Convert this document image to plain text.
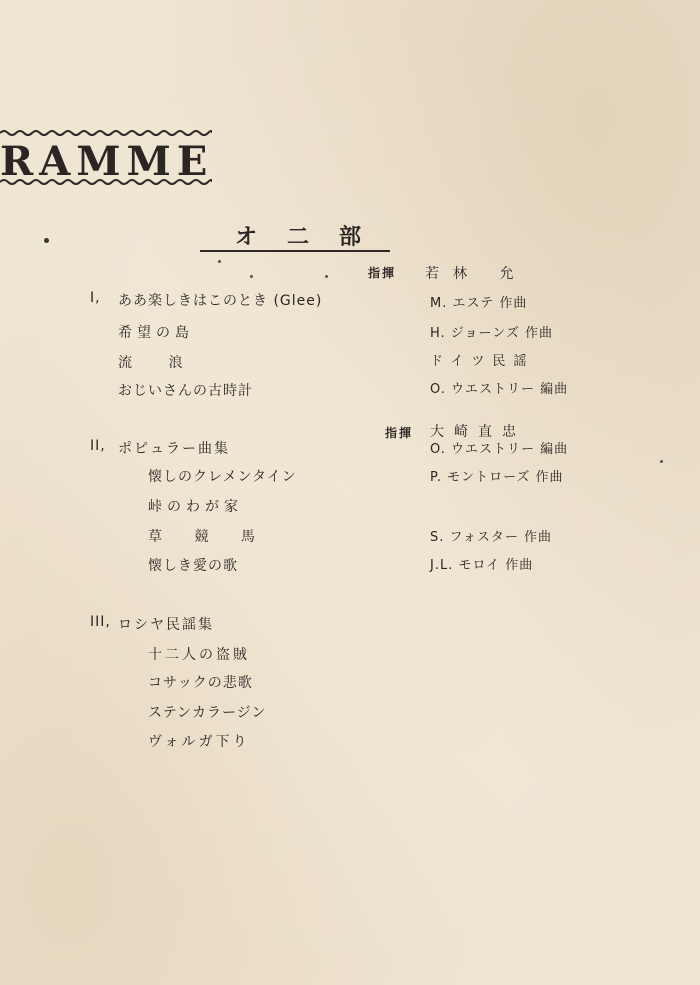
RAMME
オ二部
指揮 若林 允
I, ああ楽しきはこのとき (Glee)	M. エステ 作曲
希望の島	H. ジョーンズ 作曲
流 浪	ドイツ民謡
おじいさんの古時計	O. ウエストリー 編曲
指揮 大崎直忠
II, ポピュラー曲集	O. ウエストリー 編曲
懐しのクレメンタイン	P. モントローズ 作曲
峠のわが家
草 競 馬	S. フォスター 作曲
懐しき愛の歌	J.L. モロイ 作曲
III, ロシヤ民謡集
十二人の盗賊
コサックの悲歌
ステンカラージン
ヴォルガ下り
